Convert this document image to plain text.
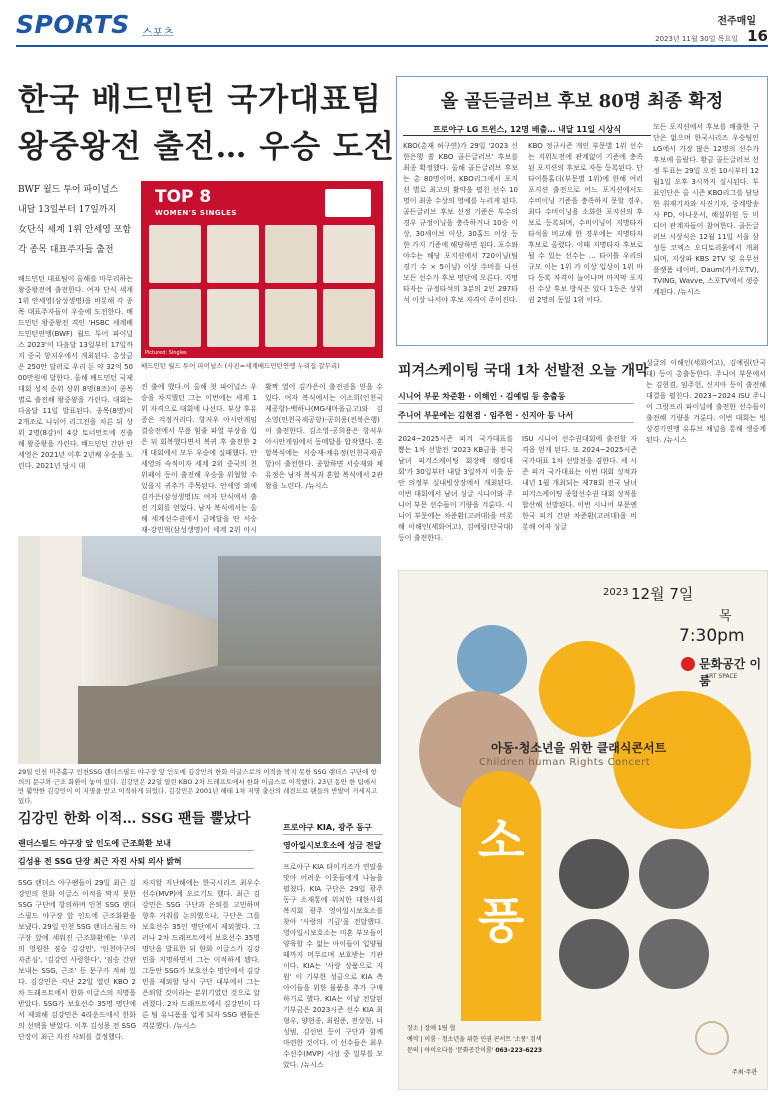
SPORTS 스포츠
전주매일
2023년 11월 30일 목요일 16
한국 배드민턴 국가대표팀
왕중왕전 출전… 우승 도전
BWF 월드 투어 파이널스
내달 13일부터 17일까지
女단식 세계 1위 안세영 포함
각 종목 대표주자들 출전
TOP 8
WOMEN'S SINGLES
Pictured: Singles
배드민턴 월드 투어 파이널스 (사진=세계배드민턴연맹 누리집 갈무리)
배드민턴 대표팀이 올해를 마무리하는 왕중왕전에 출전한다. 여자 단식 세계 1위 안세영(삼성생명)을 비롯해 각 종목 대표주자들이 우승에 도전한다. 배드민턴 왕중왕전 격인 'HSBC 세계배드민턴연맹(BWF) 월드 투어 파이널스 2023'이 다음달 13일부터 17일까지 중국 항저우에서 개최된다. 총상금은 250만 달러로 우리 돈 약 32억 5000만원에 달한다. 올해 배드민턴 국제 대회 성적 순위 상위 8명(8조)이 종목별로 출전해 왕중왕을 가린다. 대회는 다음달 11일 발표된다. 종목(8명)이 2개조로 나뉘어 리그전을 치른 뒤 상위 2명(8강)이 4강 토너먼트에 진출해 왕중왕을 가린다. 배드민턴 간판 안세영은 2021년 이후 2년째 우승을 노린다. 2021년 당시 대
진 출에 했다.이 올해 첫 파이널스 우승을 차지했던 그는 이번에는 세계 1위 자격으로 대회에 나선다. 부상 후유증은 걱정거리다. 항저우 아시안게임 결승전에서 무릎 힘줄 파열 부상을 입은 뒤 회복했다면서 복귀 후 출전한 2개 대회에서 모두 우승에 실패했다. 안세영의 숙적이자 세계 2위 중국의 천위페이 등이 출전해 우승을 위협할 수 있을지 귀추가 주목된다. 안세영 외에 김가은(삼성생명)도 여자 단식에서 출전 기회를 얻었다. 남자 복식에서는 올해 세계선수권에서 금메달을 딴 서승재-강민혁(삼성생명)이 세계 2위 아시
활짝 열어 김가은이 출전권을 얻을 수 있다. 여자 복식에서는 이소희(인천국제공항)-백하나(MG새마을금고)와 김소영(인천국제공항)-공희용(전북은행)이 출전한다. 김소영-공희용은 항저우 아시안게임에서 동메달을 합작했다. 혼합복식에는 서승재-채유정(인천국제공항)이 출전한다. 종합하면 서승재와 채유정은 남자 복식과 혼합 복식에서 2관왕을 노린다. /뉴시스
올 골든글러브 후보 80명 최종 확정
프로야구 LG 트윈스, 12명 배출… 내달 11일 시상식
KBO(총재 허구연)가 29일 '2023 신한은행 쏠 KBO 골든글러브' 후보를 최종 확정했다. 올해 골든글러브 후보는 총 80명이며, KBO리그에서 포지션 별로 최고의 활약을 펼친 선수 10명이 최종 수상의 영예를 누리게 된다. 골든글러브 후보 선정 기준은 투수의 경우 규정이닝을 충족하거나 10승 이상, 30세이브 이상, 30홀드 이상 등 한 가지 기준에 해당하면 된다. 포수와 야수는 해당 포지션에서 720이닝(팀 경기 수 × 5이닝) 이상 수비를 나선 모든 선수가 후보 명단에 오른다. 지명타자는 규정타석의 3분의 2인 297타석 이상 나서야 후보 자격이 주어진다.
KBO 정규시즌 개인 부문별 1위 선수는 지위도전에 관계없이 기준에 충족된 포지션의 후보로 자동 등록된다. 단 타이틀홀더(부문별 1위)에 한해 여러 포지션 출전으로 어느 포지션에서도 수비이닝 기준을 충족하지 못할 경우, 최다 수비이닝을 소화한 포지션의 후보로 등록되며, 수비이닝이 지명타자 타석을 비교해 한 경우에는 지명타자 후보로 올렸다. 이때 지명타자 후보로 될 수 있는 선수는 … 타이틀 우리의 규모 이는 1위 가 이상 입상이 1위 마다 등록 자격이 늘어나며 마지막 포지션 수상 후보 방식은 있다 1등은 상위권 2명의 동일 1위 이다.
모든 포지션에서 후보를 배출한 구단은 없으며 한국시리즈 우승팀인 LG에서 가장 많은 12명의 선수가 후보에 올랐다. 황금 골든글러브 선정 투표는 29일 오전 10시부터 12월1일 오후 3시까지 실시된다. 투표인단은 올 시즌 KBO리그를 담당한 취재기자와 사진기자, 중계방송사 PD, 아나운서, 해설위원 등 미디어 관계자들이 참여한다. 골든글러브 시상식은 12월 11일 서울 삼성동 코엑스 오디토리움에서 개최되며, 지상파 KBS 2TV 및 유무선 플랫폼 네이버, Daum(카카오TV), TVING, Wavve, 스포TV에서 생중계된다. /뉴시스
피겨스케이팅 국대 1차 선발전 오늘 개막
시니어 부문 차준환 · 이해인 · 김예림 등 총출동
주니어 부문에는 김현겸 · 임주헌 · 신지아 등 나서
2024~2025시즌 피겨 국가대표를 뽑는 1차 선발전 '2023 KB금융 전국남녀 피겨스케이팅 회장배 랭킹대회'가 30일부터 내달 3일까지 이틀 동안 의정부 실내빙상장에서 개최된다. 이번 대회에서 남녀 싱글 시니어와 주니어 부문 선수들이 기량을 겨룬다. 시니어 부문에는 차준환(고려대)을 비롯해 이해인(세화여고), 김예림(단국대) 등이 출전한다.
ISU 시니어 선수권대회에 출전할 자격을 얻게 된다. 또 2024~2025시즌 국가대표 1차 선발전을 겸한다. 세 시즌 피겨 국가대표는 이번 대회 성적과 내년 1월 개최되는 제78회 전국 남녀 피겨스케이팅 종합선수권 대회 성적을 합산해 선발된다. 이번 시니어 부문엔 한국 피겨 간판 차준환(고려대)을 비롯해 여자 싱글
싱글의 이해인(세화여고), 김예림(단국대) 등이 총출동한다. 주니어 부문에서는 김현겸, 임주헌, 신지아 등이 출전해 대결을 펼친다. 2023~2024 ISU 주니어 그랑프리 파이널에 출전한 선수들이 출전해 기량을 겨룬다. 이번 대회는 빙상경기연맹 유튜브 채널을 통해 생중계된다. /뉴시스
29일 인천 미추홀구 인천SSG 랜더스필드 야구장 앞 인도에 김강민의 한화 이글스로의 이적을 막지 못한 SSG 랜더스 구단에 항의의 문구와 근조 화환이 놓여 있다. 김강민은 22일 열린 KBO 2차 드래프트에서 한화 이글스로 이적했다. 23년 동안 한 팀에서만 활약한 김강민이 이 지명을 받고 이적하게 되었다. 김강민은 2001년 해태 1차 지명 출신의 레전드로 팬들의 반발이 거세지고 있다.
김강민 한화 이적… SSG 팬들 뿔났다
랜더스필드 야구장 앞 인도에 근조화환 보내
김성용 전 SSG 단장 최근 자진 사퇴 의사 밝혀
SSG 랜더스 야구팬들이 29일 최근 김강민의 한화 이글스 이적을 막지 못한 SSG 구단에 항의하며 인천 SSG 랜더스필드 야구장 앞 인도에 근조화환을 보냈다. 29일 인천 SSG 랜더스필드 야구장 앞에 세워진 근조화환에는 '우리의 영원한 짐승 김강민', '인천야구의 자존심', '김강민 사랑한다', '짐승 간판 보내는 SSG, 근조' 등 문구가 적혀 있다. 김강민은 지난 22일 열린 KBO 2차 드래프트에서 한화 이글스의 지명을 받았다. SSG가 보호선수 35명 명단에서 제외해 김강민은 4라운드에서 한화의 선택을 받았다. 이후 김성용 전 SSG 단장이 최근 자진 사퇴를 결정했다.
차지할 지난해에는 한국시리즈 최우수 선수(MVP)에 오르기도 했다. 최근 김강민은 SSG 구단과 은퇴를 고민하며 향후 거취를 논의했으나, 구단은 그를 보호선수 35인 명단에서 제외했다. 그러나 2차 드래프트에서 보호선수 35명 명단을 발표한 뒤 한화 이글스가 김강민을 지명하면서 그는 이적하게 됐다. 그동안 SSG가 보호선수 명단에서 김강민을 제외할 당시 구단 내부에서 그는 은퇴할 것이라는 분위기였던 것으로 알려졌다. 2차 드래프트에서 김강민이 다른 팀 유니폼을 입게 되자 SSG 팬들은 격분했다. /뉴시스
프로야구 KIA, 광주 동구
영아일시보호소에 성금 전달
프로야구 KIA 타이거즈가 연말을 맞아 어려운 이웃들에게 나눔을 펼쳤다. KIA 구단은 29일 광주 동구 소재통에 위치한 대한사회복지회 광주 영아일시보호소를 찾아 '사랑의 기금'을 전달했다. 영아일시보호소는 미혼 부모들이 양육할 수 없는 아이들이 입양될 때까지 머무르며 보호받는 기관이다. KIA는 '사랑 상품으로 지원' 이 기부한 성금으로 KIA 측 아이들을 위한 물품을 추가 구매하기로 했다. KIA는 이날 전달된 기부금은 2023시즌 선수 KIA 최형우, 양현종, 최원준, 전상현, 나성범, 김선빈 등이 구단과 함께 마련한 것이다. 이 선수들은 최우수선수(MVP) 시상 중 일부를 모았다. /뉴시스
2023 12월 7일
목
7:30pm
문화공간 이룸
ART SPACE
아동·청소년을 위한 클래식콘서트
Children human Rights Concert
소풍
장소 | 장애 1팀 협
예약 | 이룸 · 청소년을 위한 인권 콘서트 '소풍' 검색
문의 | 아이오다음 '문화공간이룸' 063-223-6223
주최·주관
